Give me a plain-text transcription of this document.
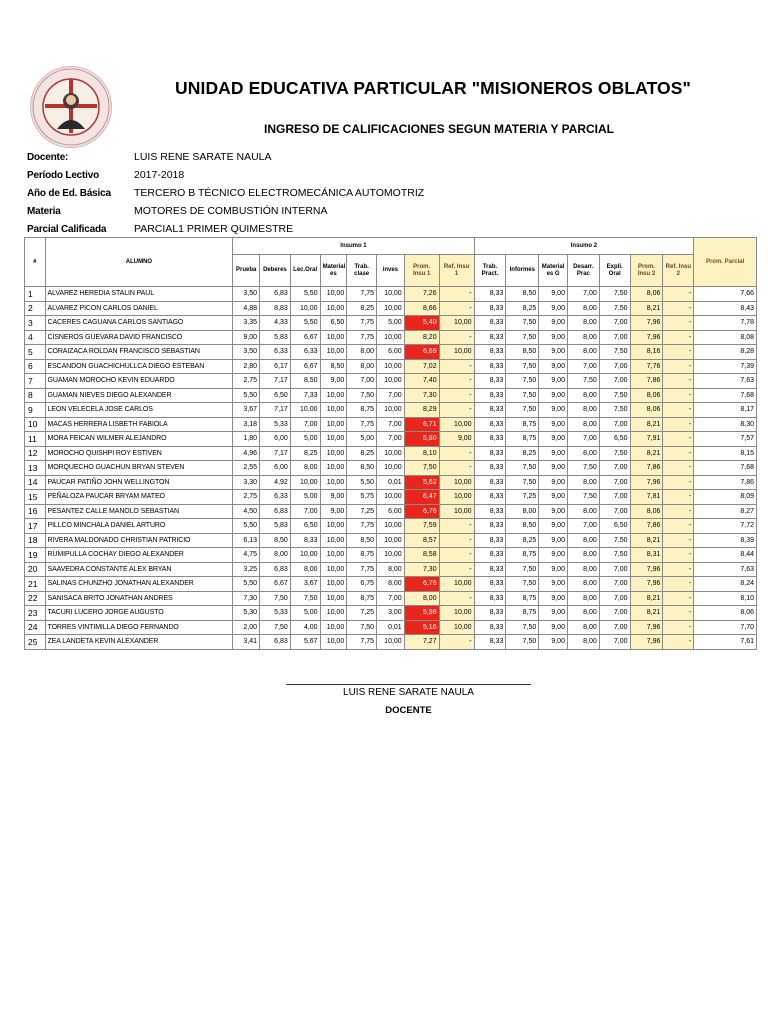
UNIDAD EDUCATIVA PARTICULAR "MISIONEROS OBLATOS"
INGRESO DE CALIFICACIONES SEGUN MATERIA Y PARCIAL
Docente:	LUIS RENE SARATE NAULA
Período Lectivo	2017-2018
Año de Ed. Básica	TERCERO B TÉCNICO ELECTROMECÁNICA AUTOMOTRIZ
Materia	MOTORES DE COMBUSTIÓN INTERNA
Parcial Calificada	PARCIAL1 PRIMER QUIMESTRE
#	ALUMNO	Insumo 1								Insumo 2							Prom. Parcial
		Prueba	Deberes	Lec.Oral	Material es	Trab. clase	inves	Prom. Insu 1	Ref. Insu 1	Trab. Pract.	Informes	Material es G	Desarr. Prac	Expli. Oral	Prom. Insu 2	Ref. Insu 2	
1	ALVAREZ HEREDIA STALIN PAUL	3,50	6,83	5,50	10,00	7,75	10,00	7,26	-	8,33	8,50	9,00	7,00	7,50	8,06	-	7,66
2	ALVAREZ PICON CARLOS DANIEL	4,88	8,83	10,00	10,00	8,25	10,00	8,66	-	8,33	8,25	9,00	8,00	7,50	8,21	-	8,43
3	CACERES CAGUANA CARLOS SANTIAGO	3,35	4,33	5,50	6,50	7,75	5,00	5,40	10,00	8,33	7,50	9,00	8,00	7,00	7,96	-	7,78
4	CISNEROS GUEVARA DAVID FRANCISCO	9,00	5,83	6,67	10,00	7,75	10,00	8,20	-	8,33	7,50	9,00	8,00	7,00	7,96	-	8,08
5	CORAIZACA ROLDAN FRANCISCO SEBASTIAN	3,50	6,33	6,33	10,00	8,00	6,00	6,69	10,00	8,33	8,50	9,00	8,00	7,50	8,16	-	8,28
6	ESCANDON GUACHICHULLCA DIEGO ESTEBAN	2,80	6,17	6,67	8,50	8,00	10,00	7,02	-	8,33	7,50	9,00	7,00	7,00	7,76	-	7,39
7	GUAMAN MOROCHO KEVIN EDUARDO	2,75	7,17	8,50	9,00	7,00	10,00	7,40	-	8,33	7,50	9,00	7,50	7,00	7,86	-	7,63
8	GUAMAN NIEVES DIEGO ALEXANDER	5,50	6,50	7,33	10,00	7,50	7,00	7,30	-	8,33	7,50	9,00	8,00	7,50	8,06	-	7,68
9	LEON VELECELA JOSE CARLOS	3,67	7,17	10,00	10,00	8,75	10,00	8,29	-	8,33	7,50	9,00	8,00	7,50	8,06	-	8,17
10	MACAS HERRERA LISBETH FABIOLA	3,18	5,33	7,00	10,00	7,75	7,00	6,71	10,00	8,33	8,75	9,00	8,00	7,00	8,21	-	8,30
11	MORA FEICAN WILMER ALEJANDRO	1,80	6,00	5,00	10,00	5,00	7,00	5,80	9,00	8,33	8,75	9,00	7,00	6,50	7,91	-	7,57
12	MOROCHO QUISHPI ROY ESTIVEN	4,96	7,17	8,25	10,00	8,25	10,00	8,10	-	8,33	8,25	9,00	8,00	7,50	8,21	-	8,15
13	MORQUECHO GUACHUN BRYAN STEVEN	2,55	6,00	8,00	10,00	8,50	10,00	7,50	-	8,33	7,50	9,00	7,50	7,00	7,86	-	7,68
14	PAUCAR PATIÑO JOHN WELLINGTON	3,30	4,92	10,00	10,00	5,50	0,01	5,62	10,00	8,33	7,50	9,00	8,00	7,00	7,96	-	7,86
15	PEÑALOZA PAUCAR BRYAM MATEO	2,75	6,33	5,00	9,00	5,75	10,00	6,47	10,00	8,33	7,25	9,00	7,50	7,00	7,81	-	8,09
16	PESANTEZ CALLE MANOLO SEBASTIAN	4,50	6,83	7,00	9,00	7,25	6,00	6,76	10,00	8,33	8,00	9,00	8,00	7,00	8,06	-	8,27
17	PILLCO MINCHALA DANIEL ARTURO	5,50	5,83	6,50	10,00	7,75	10,00	7,59	-	8,33	8,50	9,00	7,00	6,50	7,86	-	7,72
18	RIVERA MALDONADO CHRISTIAN PATRICIO	6,13	8,50	8,33	10,00	8,50	10,00	8,57	-	8,33	8,25	9,00	8,00	7,50	8,21	-	8,39
19	RUMIPULLA COCHAY DIEGO ALEXANDER	4,75	8,00	10,00	10,00	8,75	10,00	8,58	-	8,33	8,75	9,00	8,00	7,50	8,31	-	8,44
20	SAAVEDRA CONSTANTE ALEX BRYAN	3,25	6,83	8,00	10,00	7,75	8,00	7,30	-	8,33	7,50	9,00	8,00	7,00	7,96	-	7,63
21	SALINAS CHUNZHO JONATHAN ALEXANDER	5,50	6,67	3,67	10,00	6,75	8,00	6,76	10,00	8,33	7,50	9,00	8,00	7,00	7,96	-	8,24
22	SANISACA BRITO JONATHAN ANDRES	7,30	7,50	7,50	10,00	8,75	7,00	8,00	-	8,33	8,75	9,00	8,00	7,00	8,21	-	8,10
23	TACURI LUCERO JORGE AUGUSTO	5,30	5,33	5,00	10,00	7,25	3,00	5,98	10,00	8,33	8,75	9,00	8,00	7,00	8,21	-	8,06
24	TORRES VINTIMILLA DIEGO FERNANDO	2,00	7,50	4,00	10,00	7,50	0,01	5,16	10,00	8,33	7,50	9,00	8,00	7,00	7,96	-	7,70
25	ZEA LANDETA KEVIN ALEXANDER	3,41	6,83	5,67	10,00	7,75	10,00	7,27	-	8,33	7,50	9,00	8,00	7,00	7,96	-	7,61
LUIS RENE SARATE NAULA
DOCENTE
